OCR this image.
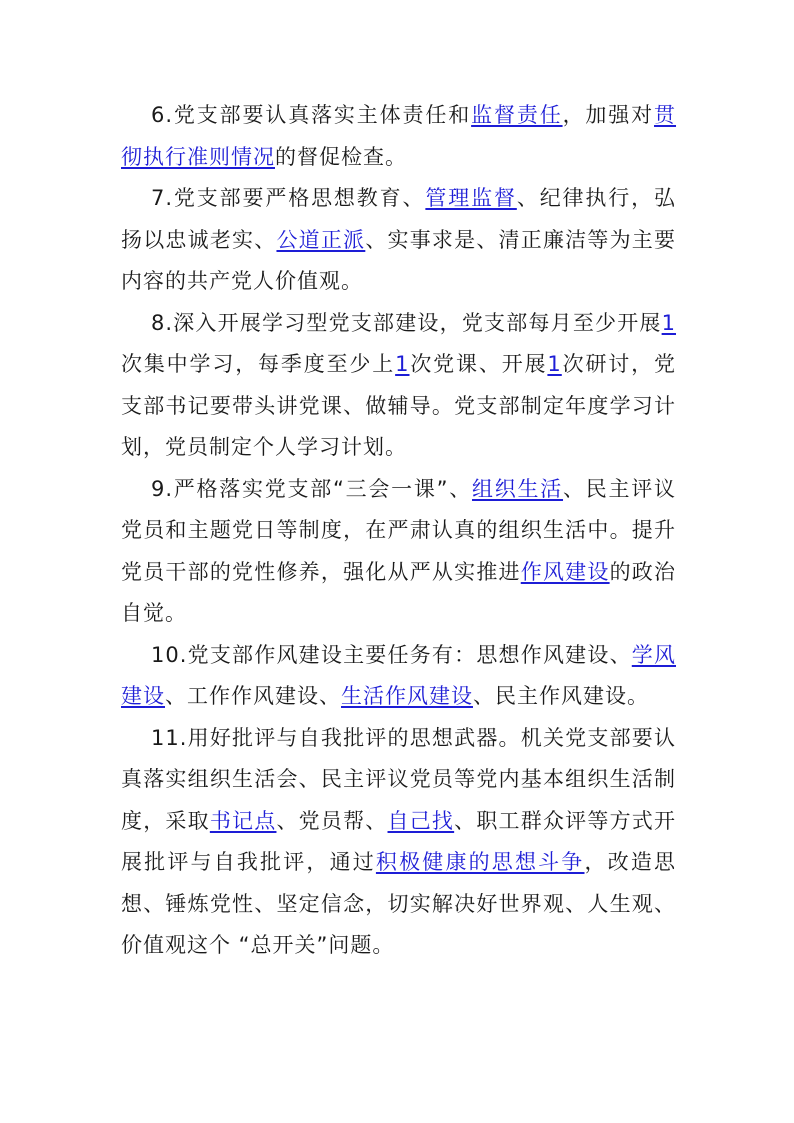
6.党支部要认真落实主体责任和监督责任，加强对贯彻执行准则情况的督促检查。

7.党支部要严格思想教育、管理监督、纪律执行，弘扬以忠诚老实、公道正派、实事求是、清正廉洁等为主要内容的共产党人价值观。

8.深入开展学习型党支部建设，党支部每月至少开展1次集中学习，每季度至少上1次党课、开展1次研讨，党支部书记要带头讲党课、做辅导。党支部制定年度学习计划，党员制定个人学习计划。

9.严格落实党支部“三会一课”、组织生活、民主评议党员和主题党日等制度，在严肃认真的组织生活中。提升党员干部的党性修养，强化从严从实推进作风建设的政治自觉。

10.党支部作风建设主要任务有：思想作风建设、学风建设、工作作风建设、生活作风建设、民主作风建设。

11.用好批评与自我批评的思想武器。机关党支部要认真落实组织生活会、民主评议党员等党内基本组织生活制度，采取书记点、党员帮、自己找、职工群众评等方式开展批评与自我批评，通过积极健康的思想斗争，改造思想、锤炼党性、坚定信念，切实解决好世界观、人生观、价值观这个 “总开关”问题。
